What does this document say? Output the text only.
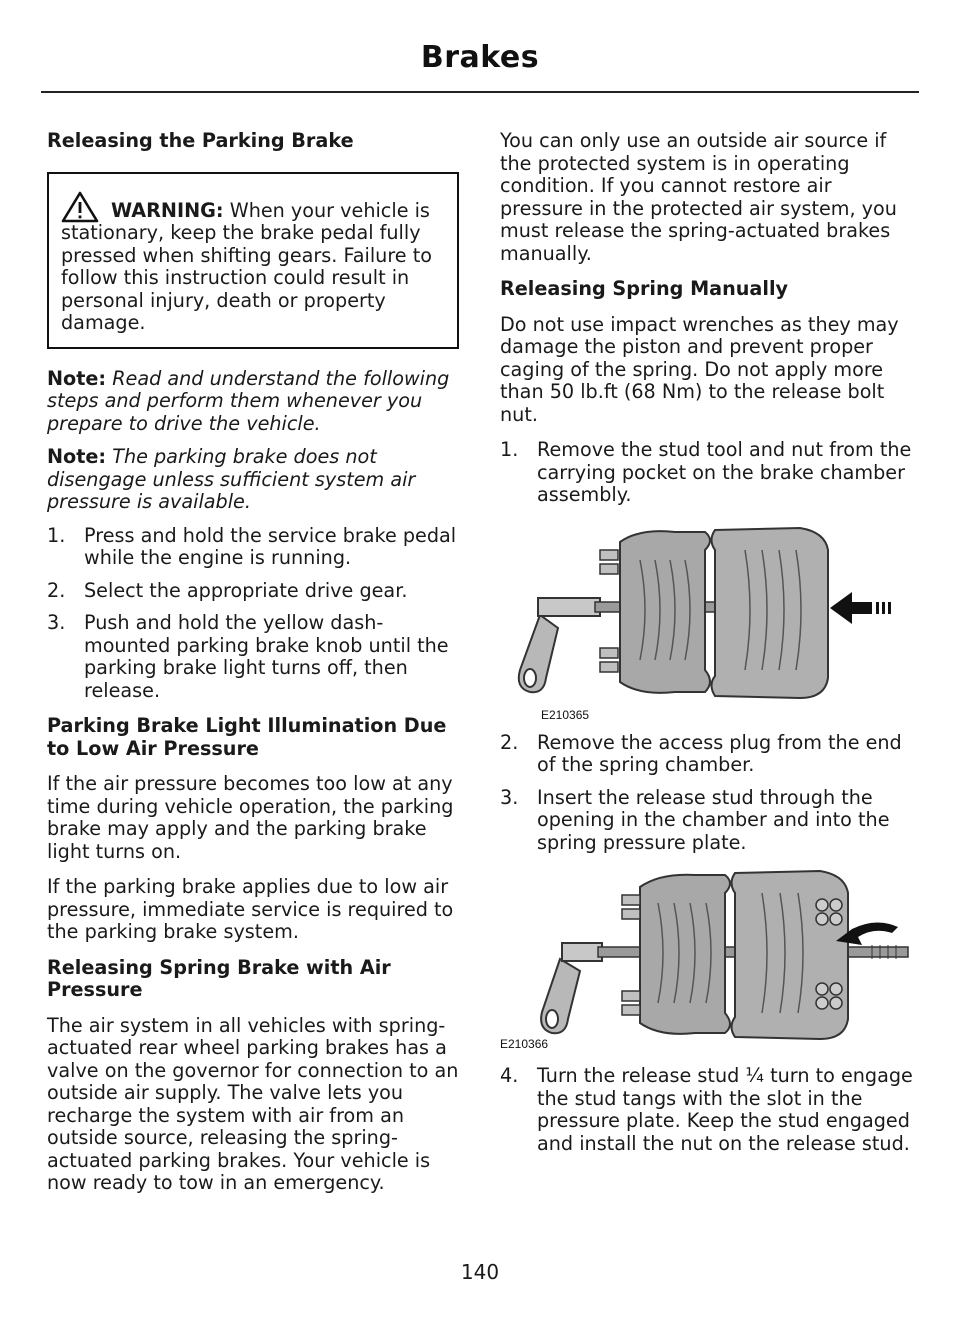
Brakes
Releasing the Parking Brake

WARNING: When your vehicle is stationary, keep the brake pedal fully pressed when shifting gears. Failure to follow this instruction could result in personal injury, death or property damage.

Note: Read and understand the following steps and perform them whenever you prepare to drive the vehicle.

Note: The parking brake does not disengage unless sufficient system air pressure is available.

1. Press and hold the service brake pedal while the engine is running.
2. Select the appropriate drive gear.
3. Push and hold the yellow dash-mounted parking brake knob until the parking brake light turns off, then release.
Parking Brake Light Illumination Due to Low Air Pressure

If the air pressure becomes too low at any time during vehicle operation, the parking brake may apply and the parking brake light turns on.

If the parking brake applies due to low air pressure, immediate service is required to the parking brake system.

Releasing Spring Brake with Air Pressure

The air system in all vehicles with spring-actuated rear wheel parking brakes has a valve on the governor for connection to an outside air supply. The valve lets you recharge the system with air from an outside source, releasing the spring-actuated parking brakes. Your vehicle is now ready to tow in an emergency.

You can only use an outside air source if the protected system is in operating condition. If you cannot restore air pressure in the protected air system, you must release the spring-actuated brakes manually.

Releasing Spring Manually

Do not use impact wrenches as they may damage the piston and prevent proper caging of the spring. Do not apply more than 50 lb.ft (68 Nm) to the release bolt nut.

1. Remove the stud tool and nut from the carrying pocket on the brake chamber assembly.
E210365
2. Remove the access plug from the end of the spring chamber.
3. Insert the release stud through the opening in the chamber and into the spring pressure plate.
E210366
4. Turn the release stud ¼ turn to engage the stud tangs with the slot in the pressure plate. Keep the stud engaged and install the nut on the release stud.
140
